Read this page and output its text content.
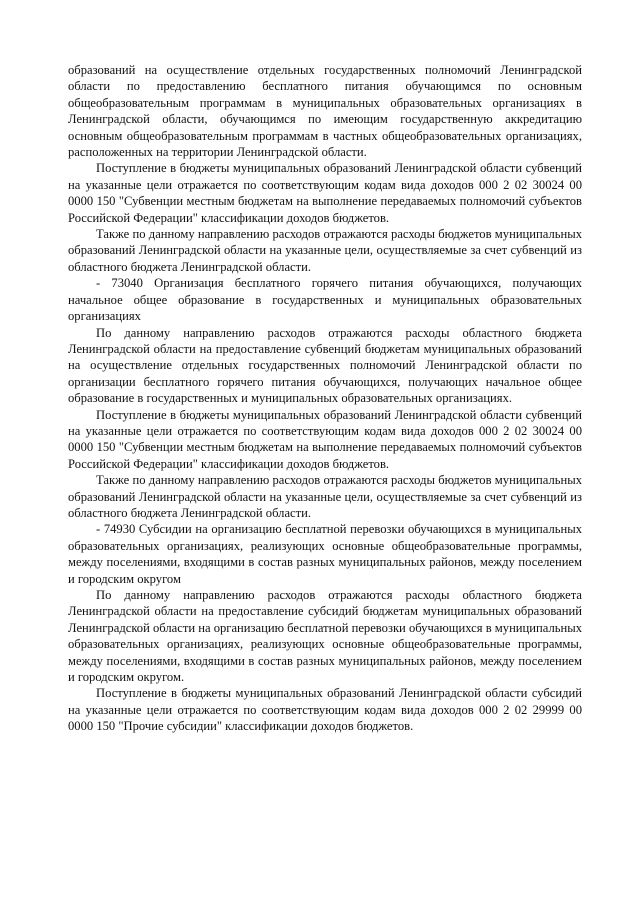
образований на осуществление отдельных государственных полномочий Ленинградской области по предоставлению бесплатного питания обучающимся по основным общеобразовательным программам в муниципальных образовательных организациях в Ленинградской области, обучающимся по имеющим государственную аккредитацию основным общеобразовательным программам в частных общеобразовательных организациях, расположенных на территории Ленинградской области.

Поступление в бюджеты муниципальных образований Ленинградской области субвенций на указанные цели отражается по соответствующим кодам вида доходов 000 2 02 30024 00 0000 150 "Субвенции местным бюджетам на выполнение передаваемых полномочий субъектов Российской Федерации" классификации доходов бюджетов.

Также по данному направлению расходов отражаются расходы бюджетов муниципальных образований Ленинградской области на указанные цели, осуществляемые за счет субвенций из областного бюджета Ленинградской области.

- 73040 Организация бесплатного горячего питания обучающихся, получающих начальное общее образование в государственных и муниципальных образовательных организациях

По данному направлению расходов отражаются расходы областного бюджета Ленинградской области на предоставление субвенций бюджетам муниципальных образований на осуществление отдельных государственных полномочий Ленинградской области по организации бесплатного горячего питания обучающихся, получающих начальное общее образование в государственных и муниципальных образовательных организациях.

Поступление в бюджеты муниципальных образований Ленинградской области субвенций на указанные цели отражается по соответствующим кодам вида доходов 000 2 02 30024 00 0000 150 "Субвенции местным бюджетам на выполнение передаваемых полномочий субъектов Российской Федерации" классификации доходов бюджетов.

Также по данному направлению расходов отражаются расходы бюджетов муниципальных образований Ленинградской области на указанные цели, осуществляемые за счет субвенций из областного бюджета Ленинградской области.

- 74930 Субсидии на организацию бесплатной перевозки обучающихся в муниципальных образовательных организациях, реализующих основные общеобразовательные программы, между поселениями, входящими в состав разных муниципальных районов, между поселением и городским округом

По данному направлению расходов отражаются расходы областного бюджета Ленинградской области на предоставление субсидий бюджетам муниципальных образований Ленинградской области на организацию бесплатной перевозки обучающихся в муниципальных образовательных организациях, реализующих основные общеобразовательные программы, между поселениями, входящими в состав разных муниципальных районов, между поселением и городским округом.

Поступление в бюджеты муниципальных образований Ленинградской области субсидий на указанные цели отражается по соответствующим кодам вида доходов 000 2 02 29999 00 0000 150 "Прочие субсидии" классификации доходов бюджетов.
